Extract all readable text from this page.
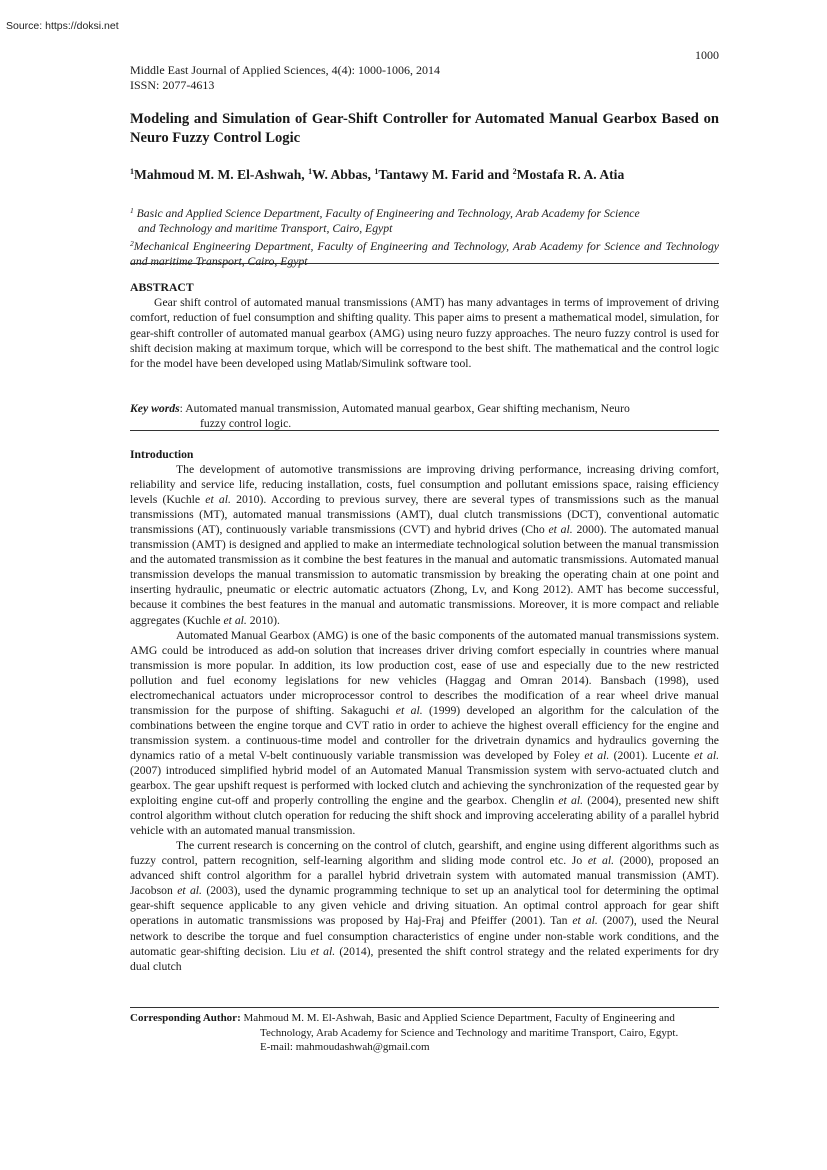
Source: https://doksi.net
1000
Middle East Journal of Applied Sciences, 4(4): 1000-1006, 2014
ISSN: 2077-4613
Modeling and Simulation of Gear-Shift Controller for Automated Manual Gearbox Based on Neuro Fuzzy Control Logic
$^1$Mahmoud M. M. El-Ashwah, $^1$W. Abbas, $^1$Tantawy M. Farid and $^2$Mostafa R. A. Atia
$^1$ Basic and Applied Science Department, Faculty of Engineering and Technology, Arab Academy for Science
and Technology and maritime Transport, Cairo, Egypt
$^2$Mechanical Engineering Department, Faculty of Engineering and Technology, Arab Academy for Science and Technology and maritime Transport, Cairo, Egypt
ABSTRACT
Gear shift control of automated manual transmissions (AMT) has many advantages in terms of improvement of driving comfort, reduction of fuel consumption and shifting quality. This paper aims to present a mathematical model, simulation, for gear-shift controller of automated manual gearbox (AMG) using neuro fuzzy approaches. The neuro fuzzy control is used for shift decision making at maximum torque, which will be correspond to the best shift. The mathematical and the control logic for the model have been developed using Matlab/Simulink software tool.
Key words: Automated manual transmission, Automated manual gearbox, Gear shifting mechanism, Neuro
fuzzy control logic.
Introduction
The development of automotive transmissions are improving driving performance, increasing driving comfort, reliability and service life, reducing installation, costs, fuel consumption and pollutant emissions space, raising efficiency levels (Kuchle et al. 2010). According to previous survey, there are several types of transmissions such as the manual transmissions (MT), automated manual transmissions (AMT), dual clutch transmissions (DCT), conventional automatic transmissions (AT), continuously variable transmissions (CVT) and hybrid drives (Cho et al. 2000). The automated manual transmission (AMT) is designed and applied to make an intermediate technological solution between the manual transmission and the automated transmission as it combine the best features in the manual and automatic transmissions. Automated manual transmission develops the manual transmission to automatic transmission by breaking the operating chain at one point and inserting hydraulic, pneumatic or electric automatic actuators (Zhong, Lv, and Kong 2012). AMT has become successful, because it combines the best features in the manual and automatic transmissions. Moreover, it is more compact and reliable aggregates (Kuchle et al. 2010).
Automated Manual Gearbox (AMG) is one of the basic components of the automated manual transmissions system. AMG could be introduced as add-on solution that increases driver driving comfort especially in countries where manual transmission is more popular. In addition, its low production cost, ease of use and especially due to the new restricted pollution and fuel economy legislations for new vehicles (Haggag and Omran 2014). Bansbach (1998), used electromechanical actuators under microprocessor control to describes the modification of a rear wheel drive manual transmission for the purpose of shifting. Sakaguchi et al. (1999) developed an algorithm for the calculation of the combinations between the engine torque and CVT ratio in order to achieve the highest overall efficiency for the engine and transmission system. a continuous-time model and controller for the drivetrain dynamics and hydraulics governing the dynamics ratio of a metal V-belt continuously variable transmission was developed by Foley et al. (2001). Lucente et al. (2007) introduced simplified hybrid model of an Automated Manual Transmission system with servo-actuated clutch and gearbox. The gear upshift request is performed with locked clutch and achieving the synchronization of the requested gear by exploiting engine cut-off and properly controlling the engine and the gearbox. Chenglin et al. (2004), presented new shift control algorithm without clutch operation for reducing the shift shock and improving accelerating ability of a parallel hybrid vehicle with an automated manual transmission.
The current research is concerning on the control of clutch, gearshift, and engine using different algorithms such as fuzzy control, pattern recognition, self-learning algorithm and sliding mode control etc. Jo et al. (2000), proposed an advanced shift control algorithm for a parallel hybrid drivetrain system with automated manual transmission (AMT). Jacobson et al. (2003), used the dynamic programming technique to set up an analytical tool for determining the optimal gear-shift sequence applicable to any given vehicle and driving situation. An optimal control approach for gear shift operations in automatic transmissions was proposed by Haj-Fraj and Pfeiffer (2001). Tan et al. (2007), used the Neural network to describe the torque and fuel consumption characteristics of engine under non-stable work conditions, and the automatic gear-shifting decision. Liu et al. (2014), presented the shift control strategy and the related experiments for dry dual clutch
Corresponding Author: Mahmoud M. M. El-Ashwah, Basic and Applied Science Department, Faculty of Engineering and
Technology, Arab Academy for Science and Technology and maritime Transport, Cairo, Egypt.
E-mail: mahmoudashwah@gmail.com
